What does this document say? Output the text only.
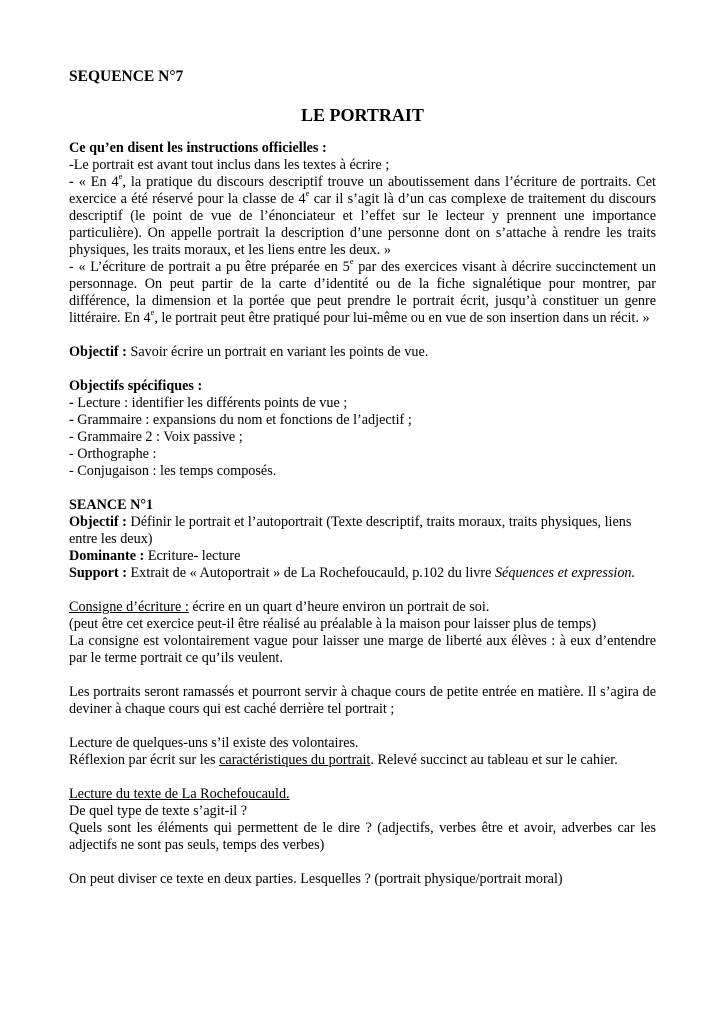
SEQUENCE N°7

LE PORTRAIT

Ce qu’en disent les instructions officielles :

-Le portrait est avant tout inclus dans les textes à écrire ;

- « En 4e, la pratique du discours descriptif trouve un aboutissement dans l’écriture de portraits. Cet exercice a été réservé pour la classe de 4e car il s’agit là d’un cas complexe de traitement du discours descriptif (le point de vue de l’énonciateur et l’effet sur le lecteur y prennent une importance particulière). On appelle portrait la description d’une personne dont on s’attache à rendre les traits physiques, les traits moraux, et les liens entre les deux. »

- « L’écriture de portrait a pu être préparée en 5e par des exercices visant à décrire succinctement un personnage. On peut partir de la carte d’identité ou de la fiche signalétique pour montrer, par différence, la dimension et la portée que peut prendre le portrait écrit, jusqu’à constituer un genre littéraire. En 4e, le portrait peut être pratiqué pour lui-même ou en vue de son insertion dans un récit. »

Objectif : Savoir écrire un portrait en variant les points de vue.

Objectifs spécifiques :

- Lecture : identifier les différents points de vue ;

- Grammaire : expansions du nom et fonctions de l’adjectif ;

- Grammaire 2 : Voix passive ;

- Orthographe :

- Conjugaison : les temps composés.

SEANCE N°1

Objectif : Définir le portrait et l’autoportrait (Texte descriptif, traits moraux, traits physiques, liens entre les deux)

Dominante : Ecriture- lecture

Support : Extrait de « Autoportrait » de La Rochefoucauld, p.102 du livre Séquences et expression.

Consigne d’écriture : écrire en un quart d’heure environ un portrait de soi.

(peut être cet exercice peut-il être réalisé au préalable à la maison pour laisser plus de temps)

La consigne est volontairement vague pour laisser une marge de liberté aux élèves : à eux d’entendre par le terme portrait ce qu’ils veulent.

Les portraits seront ramassés et pourront servir à chaque cours de petite entrée en matière. Il s’agira de deviner à chaque cours qui est caché derrière tel portrait ;

Lecture de quelques-uns s’il existe des volontaires.

Réflexion par écrit sur les caractéristiques du portrait. Relevé succinct au tableau et sur le cahier.

Lecture du texte de La Rochefoucauld.

De quel type de texte s’agit-il ?

Quels sont les éléments qui permettent de le dire ? (adjectifs, verbes être et avoir, adverbes car les adjectifs ne sont pas seuls, temps des verbes)

On peut diviser ce texte en deux parties. Lesquelles ? (portrait physique/portrait moral)
